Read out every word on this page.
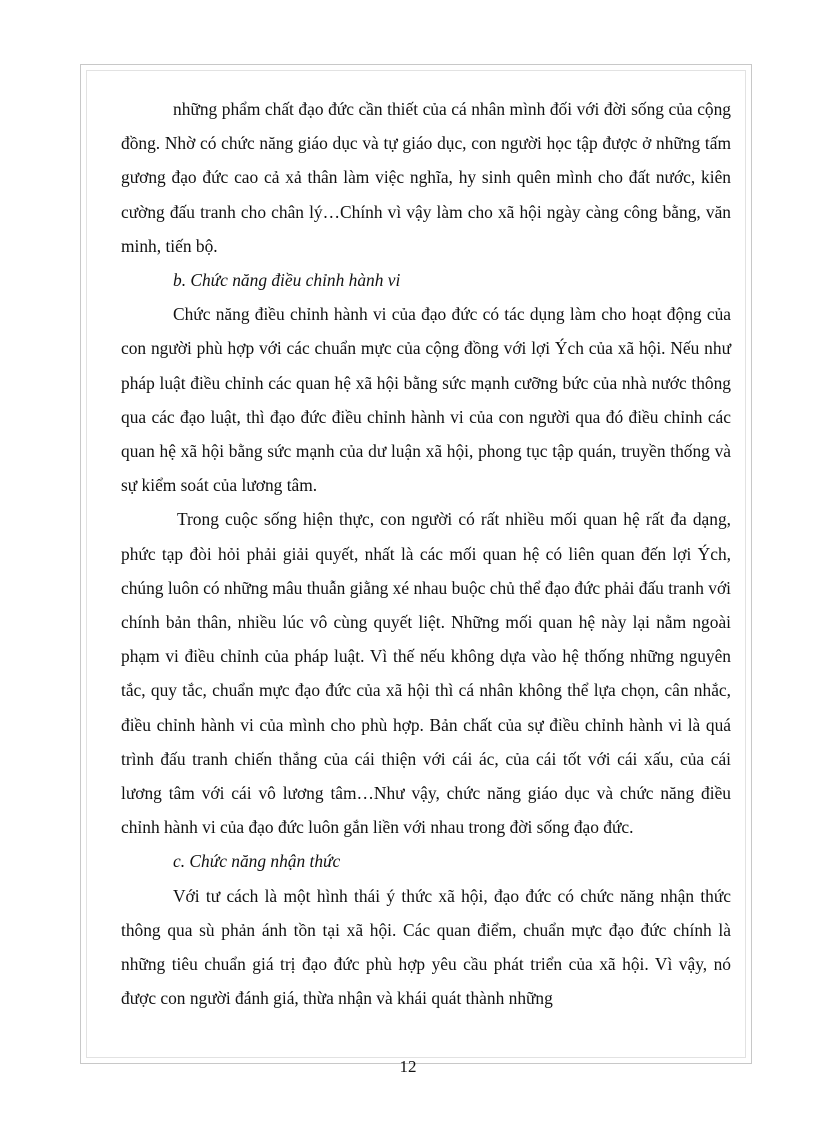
những phẩm chất đạo đức cần thiết của cá nhân mình đối với đời sống của cộng đồng. Nhờ có chức năng giáo dục và tự giáo dục, con người học tập được ở những tấm gương đạo đức cao cả xả thân làm việc nghĩa, hy sinh quên mình cho đất nước, kiên cường đấu tranh cho chân lý…Chính vì vậy làm cho xã hội ngày càng công bằng, văn minh, tiến bộ.

b. Chức năng điều chỉnh hành vi

Chức năng điều chỉnh hành vi của đạo đức có tác dụng làm cho hoạt động của con người phù hợp với các chuẩn mực của cộng đồng với lợi Ých của xã hội. Nếu như pháp luật điều chỉnh các quan hệ xã hội bằng sức mạnh cưỡng bức của nhà nước thông qua các đạo luật, thì đạo đức điều chỉnh hành vi của con người qua đó điều chỉnh các quan hệ xã hội bằng sức mạnh của dư luận xã hội, phong tục tập quán, truyền thống và sự kiểm soát của lương tâm.

Trong cuộc sống hiện thực, con người có rất nhiều mối quan hệ rất đa dạng, phức tạp đòi hỏi phải giải quyết, nhất là các mối quan hệ có liên quan đến lợi Ých, chúng luôn có những mâu thuẫn giằng xé nhau buộc chủ thể đạo đức phải đấu tranh với chính bản thân, nhiều lúc vô cùng quyết liệt. Những mối quan hệ này lại nằm ngoài phạm vi điều chỉnh của pháp luật. Vì thế nếu không dựa vào hệ thống những nguyên tắc, quy tắc, chuẩn mực đạo đức của xã hội thì cá nhân không thể lựa chọn, cân nhắc, điều chỉnh hành vi của mình cho phù hợp. Bản chất của sự điều chỉnh hành vi là quá trình đấu tranh chiến thắng của cái thiện với cái ác, của cái tốt với cái xấu, của cái lương tâm với cái vô lương tâm…Như vậy, chức năng giáo dục và chức năng điều chỉnh hành vi của đạo đức luôn gắn liền với nhau trong đời sống đạo đức.

c. Chức năng nhận thức

Với tư cách là một hình thái ý thức xã hội, đạo đức có chức năng nhận thức thông qua sù phản ánh tồn tại xã hội. Các quan điểm, chuẩn mực đạo đức chính là những tiêu chuẩn giá trị đạo đức phù hợp yêu cầu phát triển của xã hội. Vì vậy, nó được con người đánh giá, thừa nhận và khái quát thành những

12
